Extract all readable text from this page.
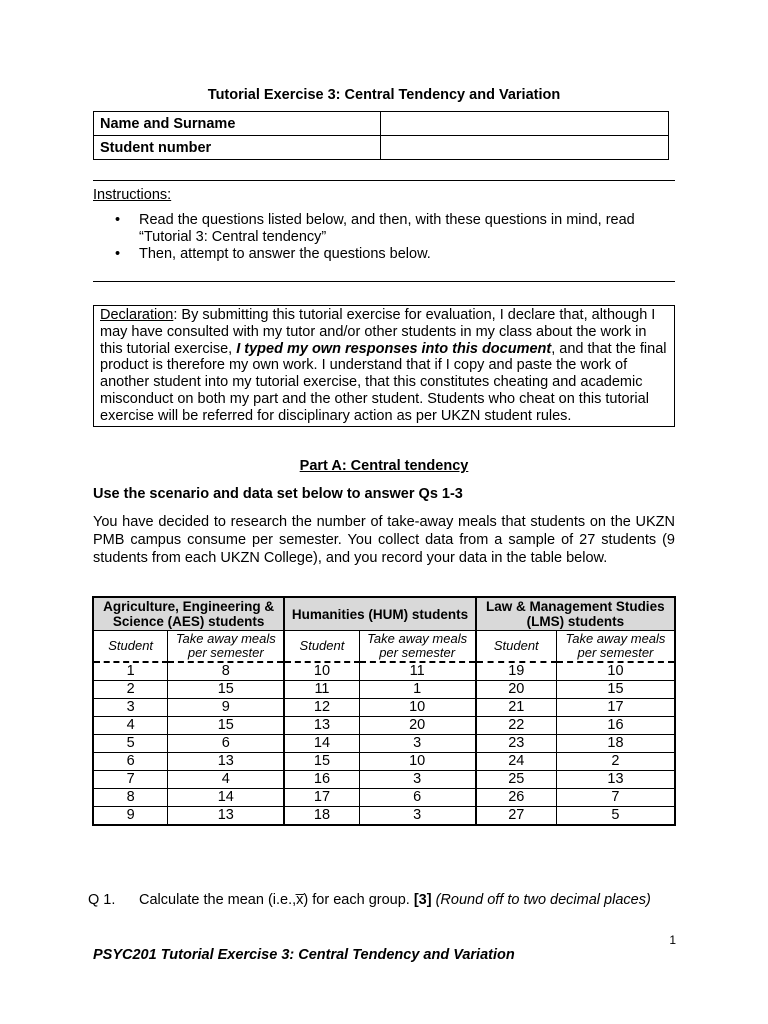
Tutorial Exercise 3: Central Tendency and Variation
Name and Surname	
Student number	
Instructions:
• Read the questions listed below, and then, with these questions in mind, read “Tutorial 3: Central tendency”
• Then, attempt to answer the questions below.
Declaration: By submitting this tutorial exercise for evaluation, I declare that, although I may have consulted with my tutor and/or other students in my class about the work in this tutorial exercise, I typed my own responses into this document, and that the final product is therefore my own work. I understand that if I copy and paste the work of another student into my tutorial exercise, that this constitutes cheating and academic misconduct on both my part and the other student. Students who cheat on this tutorial exercise will be referred for disciplinary action as per UKZN student rules.
Part A: Central tendency
Use the scenario and data set below to answer Qs 1-3
You have decided to research the number of take-away meals that students on the UKZN PMB campus consume per semester. You collect data from a sample of 27 students (9 students from each UKZN College), and you record your data in the table below.
Agriculture, Engineering & Science (AES) students		Humanities (HUM) students		Law & Management Studies (LMS) students	
Student	Take away meals per semester	Student	Take away meals per semester	Student	Take away meals per semester
1	8	10	11	19	10
2	15	11	1	20	15
3	9	12	10	21	17
4	15	13	20	22	16
5	6	14	3	23	18
6	13	15	10	24	2
7	4	16	3	25	13
8	14	17	6	26	7
9	13	18	3	27	5
Q 1. Calculate the mean (i.e.,x̅) for each group. [3] (Round off to two decimal places)
1
PSYC201 Tutorial Exercise 3: Central Tendency and Variation
